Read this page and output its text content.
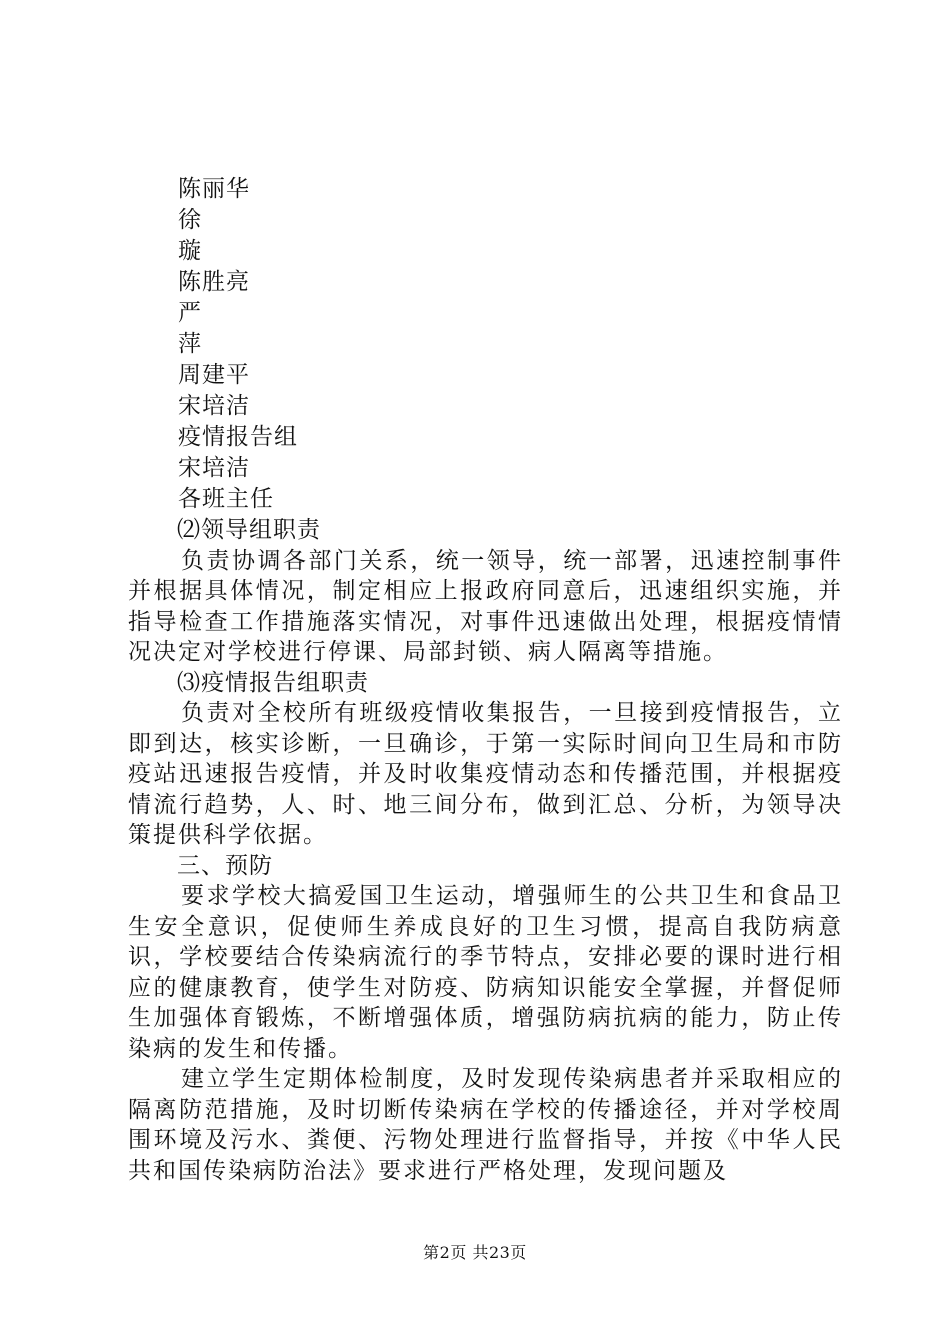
陈丽华
徐
璇
陈胜亮
严
萍
周建平
宋培洁
疫情报告组
宋培洁
各班主任

⑵领导组职责

负责协调各部门关系，统一领导，统一部署，迅速控制事件并根据具体情况，制定相应上报政府同意后，迅速组织实施，并指导检查工作措施落实情况，对事件迅速做出处理，根据疫情情况决定对学校进行停课、局部封锁、病人隔离等措施。

⑶疫情报告组职责

负责对全校所有班级疫情收集报告，一旦接到疫情报告，立即到达，核实诊断，一旦确诊，于第一实际时间向卫生局和市防疫站迅速报告疫情，并及时收集疫情动态和传播范围，并根据疫情流行趋势，人、时、地三间分布，做到汇总、分析，为领导决策提供科学依据。

三、预防

要求学校大搞爱国卫生运动，增强师生的公共卫生和食品卫生安全意识，促使师生养成良好的卫生习惯，提高自我防病意识，学校要结合传染病流行的季节特点，安排必要的课时进行相应的健康教育，使学生对防疫、防病知识能安全掌握，并督促师生加强体育锻炼，不断增强体质，增强防病抗病的能力，防止传染病的发生和传播。

建立学生定期体检制度，及时发现传染病患者并采取相应的隔离防范措施，及时切断传染病在学校的传播途径，并对学校周围环境及污水、粪便、污物处理进行监督指导，并按《中华人民共和国传染病防治法》要求进行严格处理，发现问题及

第2页 共23页
